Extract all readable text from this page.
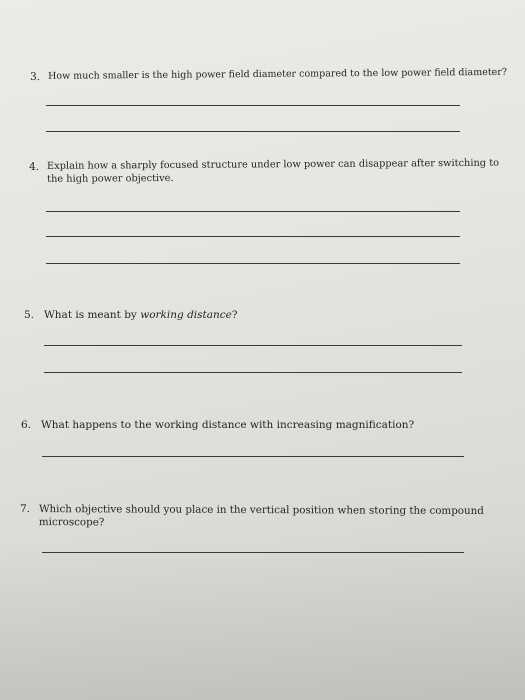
3. How much smaller is the high power field diameter compared to the low power field diameter?
4. Explain how a sharply focused structure under low power can disappear after switching to
the high power objective.
5. What is meant by working distance?
6. What happens to the working distance with increasing magnification?
7. Which objective should you place in the vertical position when storing the compound
microscope?
